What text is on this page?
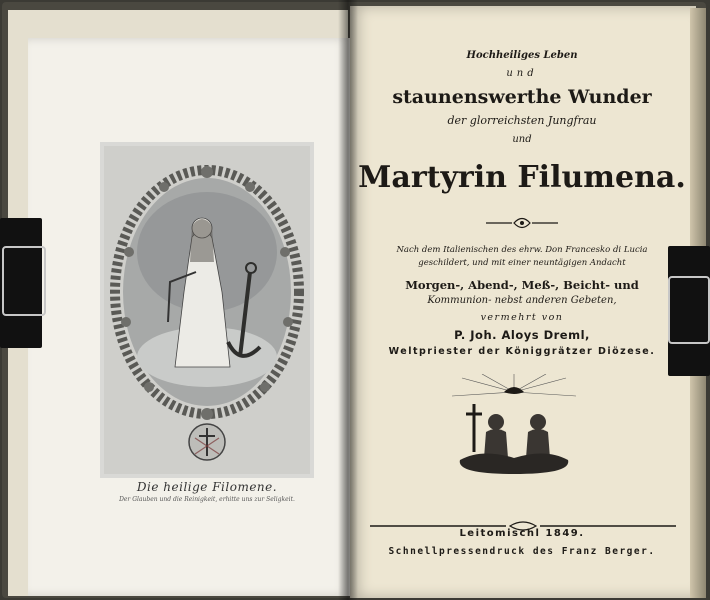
Die heilige Filomene.
Der Glauben und die Reinigkeit, erhitte uns zur Seligkeit.
Hochheiliges Leben
und
staunenswerthe Wunder
der glorreichsten Jungfrau
und
Martyrin Filumena.
Nach dem Italienischen des ehrw. Don Francesko di Lucia
geschildert, und mit einer neuntägigen Andacht
Morgen-, Abend-, Meß-, Beicht- und
Kommunion- nebst anderen Gebeten,
vermehrt von
P. Joh. Aloys Dreml,
Weltpriester der Königgrätzer Diözese.
Leitomischl 1849.
Schnellpressendruck des Franz Berger.
